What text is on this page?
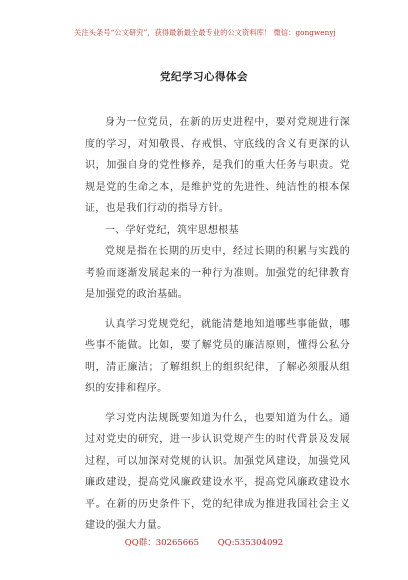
关注头条号“公文研究”，获得最新最全最专业的公文资料库！ 微信：gongwenyj
党纪学习心得体会

身为一位党员，在新的历史进程中，要对党规进行深度的学习，对知敬畏、存戒惧、守底线的含义有更深的认识，加强自身的党性修养，是我们的重大任务与职责。党规是党的生命之本，是维护党的先进性、纯洁性的根本保证，也是我们行动的指导方针。

一、学好党纪，筑牢思想根基

党规是指在长期的历史中，经过长期的积累与实践的考验而逐渐发展起来的一种行为准则。加强党的纪律教育是加强党的政治基础。

认真学习党规党纪，就能清楚地知道哪些事能做，哪些事不能做。比如，要了解党员的廉洁原则，懂得公私分明，清正廉洁；了解组织上的组织纪律，了解必须服从组织的安排和程序。

学习党内法规既要知道为什么，也要知道为什么。通过对党史的研究，进一步认识党规产生的时代背景及发展过程，可以加深对党规的认识。加强党风建设，加强党风廉政建设，提高党风廉政建设水平，提高党风廉政建设水平。在新的历史条件下，党的纪律成为推进我国社会主义建设的强大力量。

QQ群：30265665 QQ:535304092
